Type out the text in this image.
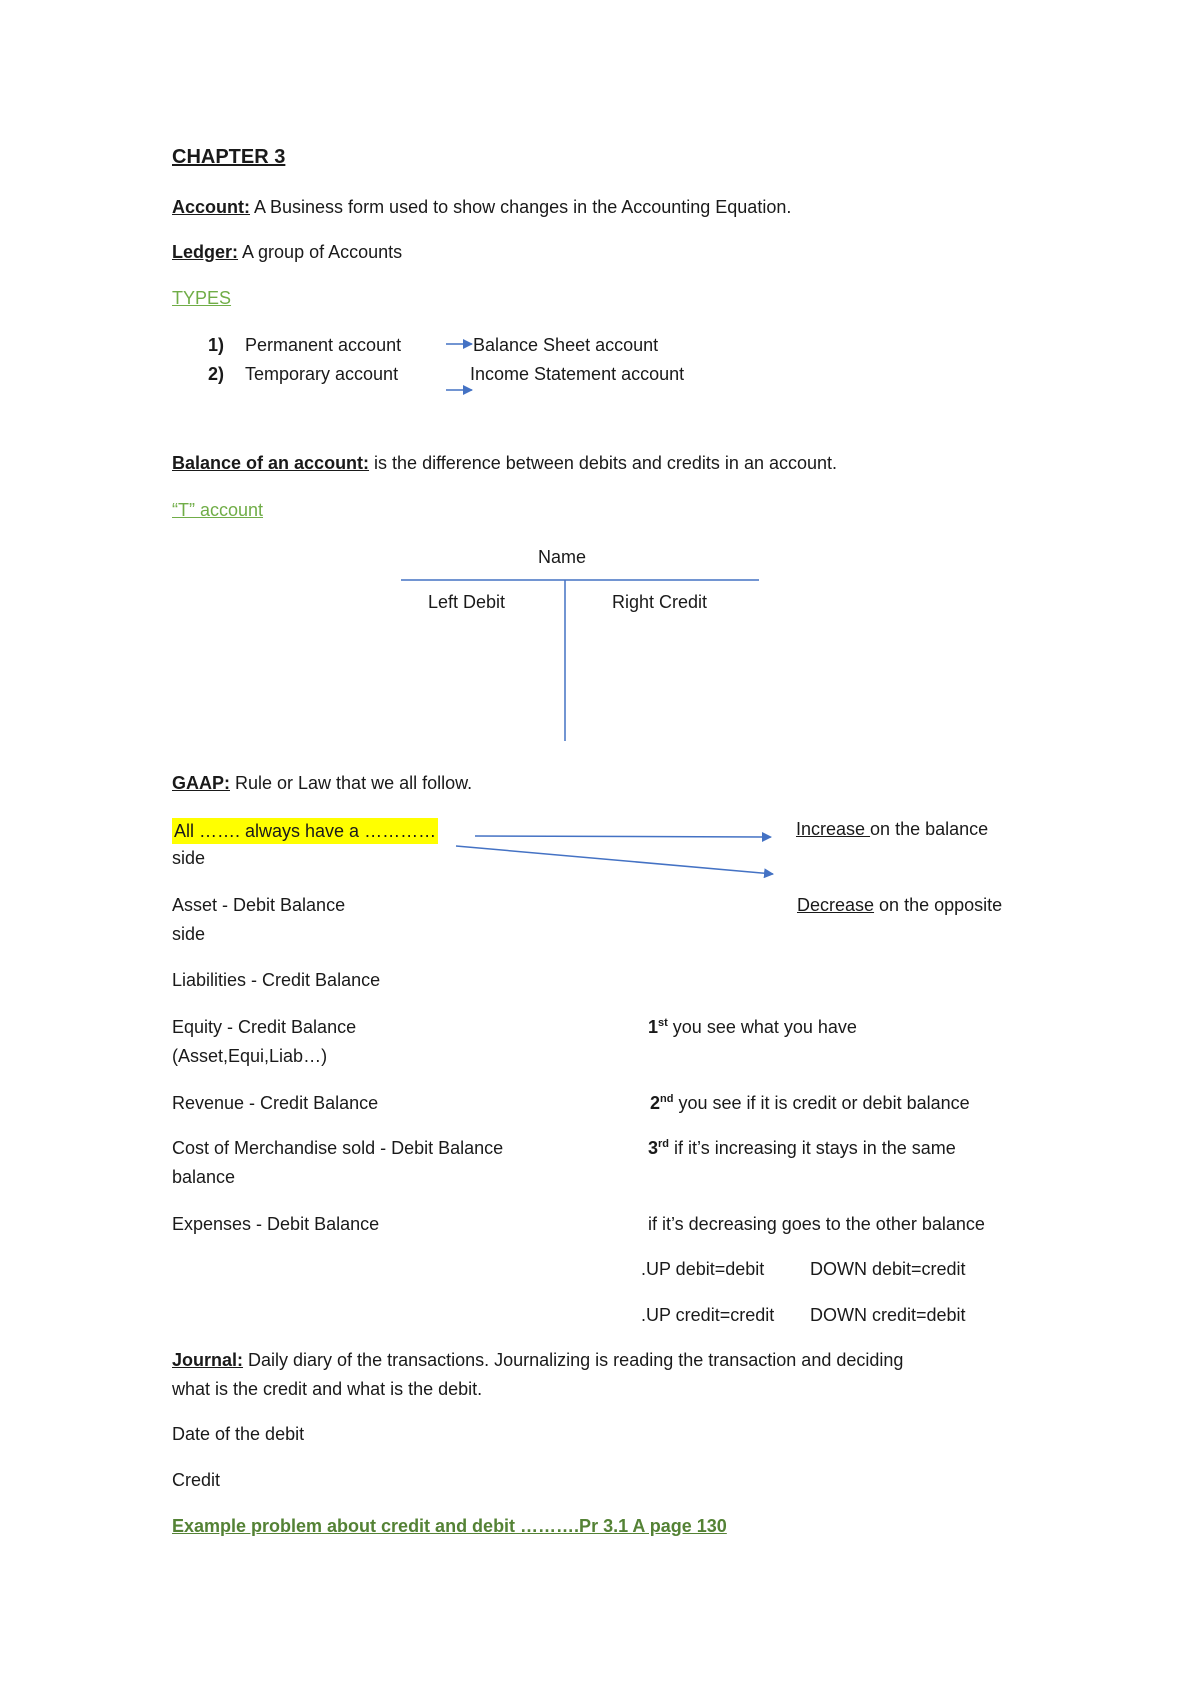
CHAPTER 3
Account: A Business form used to show changes in the Accounting Equation.
Ledger: A group of Accounts
TYPES
1) Permanent account	Balance Sheet account
2) Temporary account	Income Statement account
Balance of an account: is the difference between debits and credits in an account.
“T” account
Name
Left Debit	Right Credit
GAAP: Rule or Law that we all follow.
All ……. always have a …………
side
Increase on the balance
Decrease on the opposite
Asset - Debit Balance
side
Liabilities - Credit Balance
Equity - Credit Balance
(Asset,Equi,Liab…)
Revenue - Credit Balance
Cost of Merchandise sold - Debit Balance
balance
Expenses - Debit Balance
1st you see what you have
2nd you see if it is credit or debit balance
3rd if it’s increasing it stays in the same
if it’s decreasing goes to the other balance
.UP debit=debit	DOWN debit=credit
.UP credit=credit DOWN credit=debit
Journal: Daily diary of the transactions. Journalizing is reading the transaction and deciding
what is the credit and what is the debit.
Date of the debit
Credit
Example problem about credit and debit ……….Pr 3.1 A page 130
